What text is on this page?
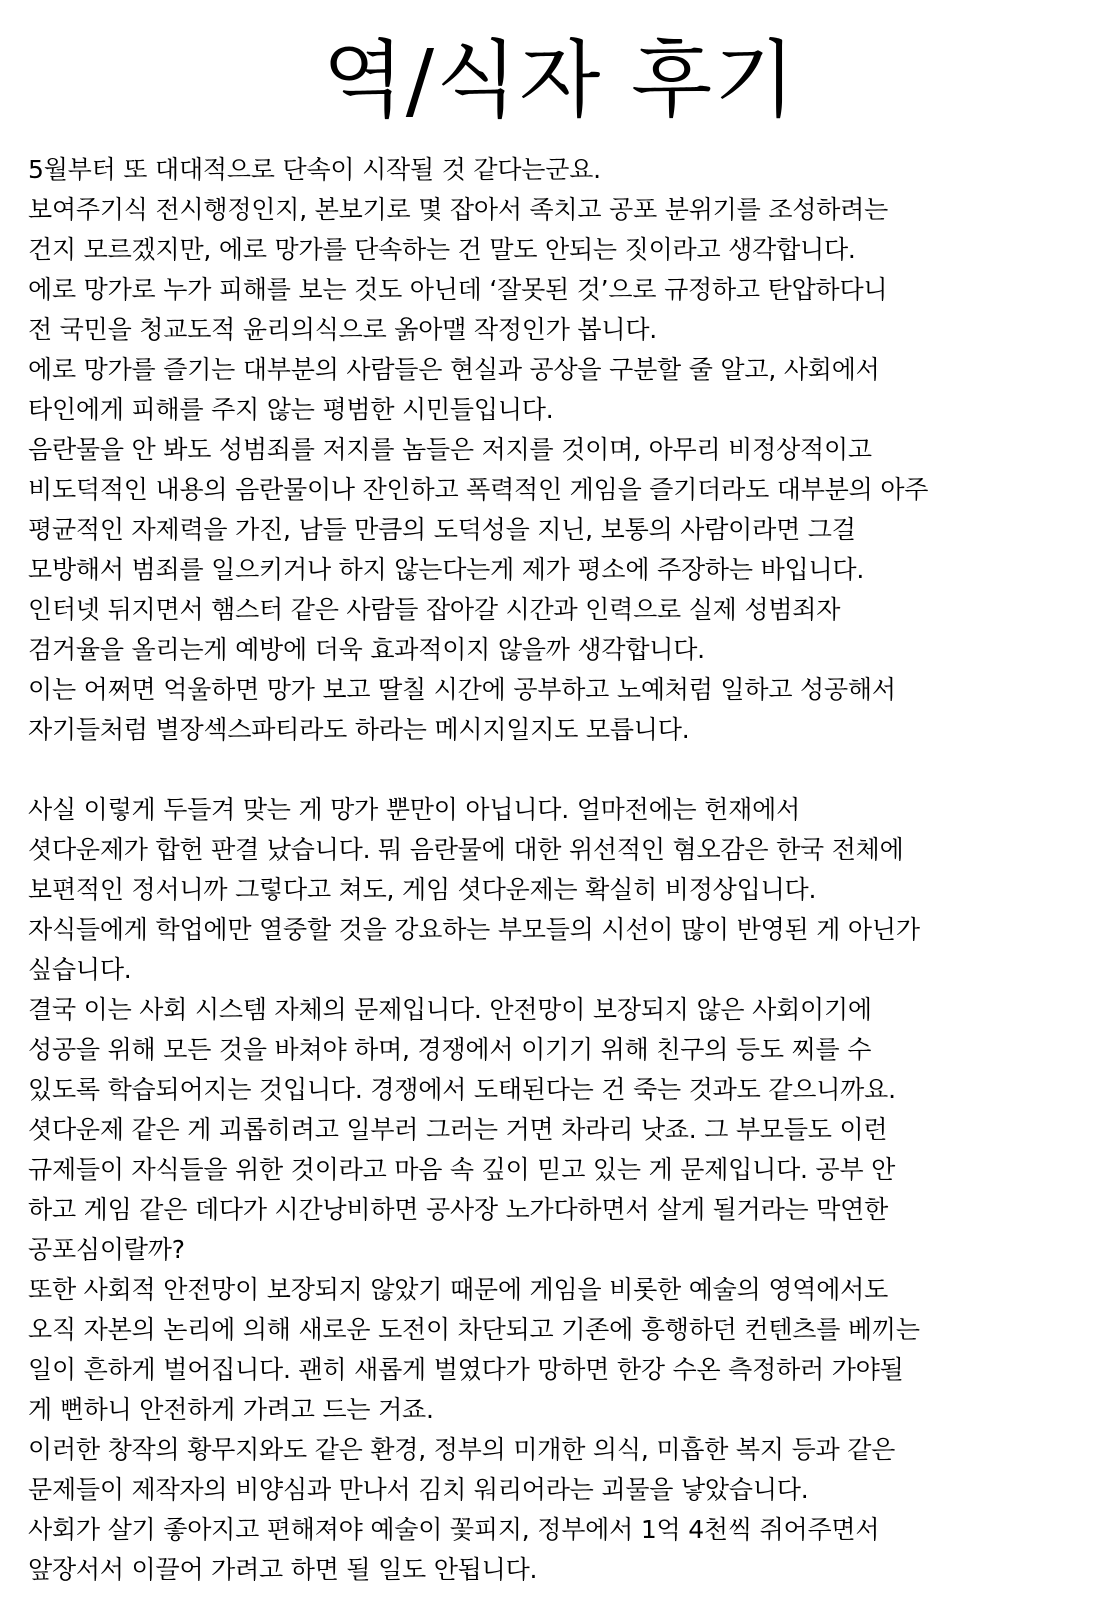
역/식자 후기
5월부터 또 대대적으로 단속이 시작될 것 같다는군요.
보여주기식 전시행정인지, 본보기로 몇 잡아서 족치고 공포 분위기를 조성하려는
건지 모르겠지만, 에로 망가를 단속하는 건 말도 안되는 짓이라고 생각합니다.
에로 망가로 누가 피해를 보는 것도 아닌데 ‘잘못된 것’으로 규정하고 탄압하다니
전 국민을 청교도적 윤리의식으로 옭아맬 작정인가 봅니다.
에로 망가를 즐기는 대부분의 사람들은 현실과 공상을 구분할 줄 알고, 사회에서
타인에게 피해를 주지 않는 평범한 시민들입니다.
음란물을 안 봐도 성범죄를 저지를 놈들은 저지를 것이며, 아무리 비정상적이고
비도덕적인 내용의 음란물이나 잔인하고 폭력적인 게임을 즐기더라도 대부분의 아주
평균적인 자제력을 가진, 남들 만큼의 도덕성을 지닌, 보통의 사람이라면 그걸
모방해서 범죄를 일으키거나 하지 않는다는게 제가 평소에 주장하는 바입니다.
인터넷 뒤지면서 햄스터 같은 사람들 잡아갈 시간과 인력으로 실제 성범죄자
검거율을 올리는게 예방에 더욱 효과적이지 않을까 생각합니다.
이는 어쩌면 억울하면 망가 보고 딸칠 시간에 공부하고 노예처럼 일하고 성공해서
자기들처럼 별장섹스파티라도 하라는 메시지일지도 모릅니다.
사실 이렇게 두들겨 맞는 게 망가 뿐만이 아닙니다. 얼마전에는 헌재에서
셧다운제가 합헌 판결 났습니다. 뭐 음란물에 대한 위선적인 혐오감은 한국 전체에
보편적인 정서니까 그렇다고 쳐도, 게임 셧다운제는 확실히 비정상입니다.
자식들에게 학업에만 열중할 것을 강요하는 부모들의 시선이 많이 반영된 게 아닌가
싶습니다.
결국 이는 사회 시스템 자체의 문제입니다. 안전망이 보장되지 않은 사회이기에
성공을 위해 모든 것을 바쳐야 하며, 경쟁에서 이기기 위해 친구의 등도 찌를 수
있도록 학습되어지는 것입니다. 경쟁에서 도태된다는 건 죽는 것과도 같으니까요.
셧다운제 같은 게 괴롭히려고 일부러 그러는 거면 차라리 낫죠. 그 부모들도 이런
규제들이 자식들을 위한 것이라고 마음 속 깊이 믿고 있는 게 문제입니다. 공부 안
하고 게임 같은 데다가 시간낭비하면 공사장 노가다하면서 살게 될거라는 막연한
공포심이랄까?
또한 사회적 안전망이 보장되지 않았기 때문에 게임을 비롯한 예술의 영역에서도
오직 자본의 논리에 의해 새로운 도전이 차단되고 기존에 흥행하던 컨텐츠를 베끼는
일이 흔하게 벌어집니다. 괜히 새롭게 벌였다가 망하면 한강 수온 측정하러 가야될
게 뻔하니 안전하게 가려고 드는 거죠.
이러한 창작의 황무지와도 같은 환경, 정부의 미개한 의식, 미흡한 복지 등과 같은
문제들이 제작자의 비양심과 만나서 김치 워리어라는 괴물을 낳았습니다.
사회가 살기 좋아지고 편해져야 예술이 꽃피지, 정부에서 1억 4천씩 쥐어주면서
앞장서서 이끌어 가려고 하면 될 일도 안됩니다.
